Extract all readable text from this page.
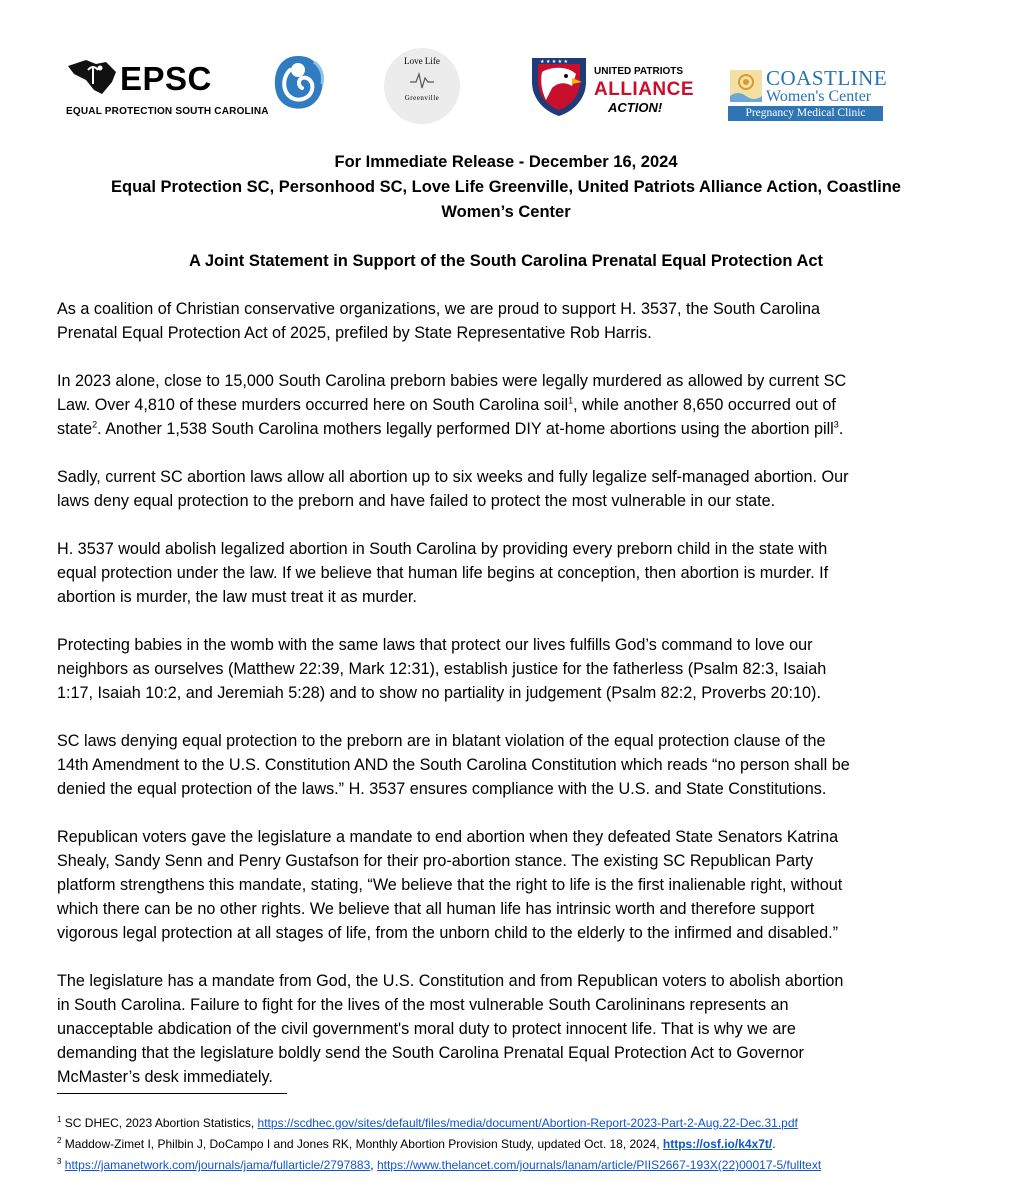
EPSC
EQUAL PROTECTION SOUTH CAROLINA
Love Life
Greenville
★ ★ ★ ★ ★
UNITED PATRIOTS
ALLIANCE
ACTION!
COASTLINE
Women's Center
Pregnancy Medical Clinic
For Immediate Release - December 16, 2024
Equal Protection SC, Personhood SC, Love Life Greenville, United Patriots Alliance Action, Coastline
Women’s Center
A Joint Statement in Support of the South Carolina Prenatal Equal Protection Act

As a coalition of Christian conservative organizations, we are proud to support H. 3537, the South Carolina
Prenatal Equal Protection Act of 2025, prefiled by State Representative Rob Harris.

In 2023 alone, close to 15,000 South Carolina preborn babies were legally murdered as allowed by current SC
Law. Over 4,810 of these murders occurred here on South Carolina soil$^1$, while another 8,650 occurred out of
state$^2$. Another 1,538 South Carolina mothers legally performed DIY at-home abortions using the abortion pill$^3$.

Sadly, current SC abortion laws allow all abortion up to six weeks and fully legalize self-managed abortion. Our
laws deny equal protection to the preborn and have failed to protect the most vulnerable in our state.

H. 3537 would abolish legalized abortion in South Carolina by providing every preborn child in the state with
equal protection under the law. If we believe that human life begins at conception, then abortion is murder. If
abortion is murder, the law must treat it as murder.

Protecting babies in the womb with the same laws that protect our lives fulfills God’s command to love our
neighbors as ourselves (Matthew 22:39, Mark 12:31), establish justice for the fatherless (Psalm 82:3, Isaiah
1:17, Isaiah 10:2, and Jeremiah 5:28) and to show no partiality in judgement (Psalm 82:2, Proverbs 20:10).

SC laws denying equal protection to the preborn are in blatant violation of the equal protection clause of the
14th Amendment to the U.S. Constitution AND the South Carolina Constitution which reads “no person shall be
denied the equal protection of the laws.” H. 3537 ensures compliance with the U.S. and State Constitutions.

Republican voters gave the legislature a mandate to end abortion when they defeated State Senators Katrina
Shealy, Sandy Senn and Penry Gustafson for their pro-abortion stance. The existing SC Republican Party
platform strengthens this mandate, stating, “We believe that the right to life is the first inalienable right, without
which there can be no other rights. We believe that all human life has intrinsic worth and therefore support
vigorous legal protection at all stages of life, from the unborn child to the elderly to the infirmed and disabled.”

The legislature has a mandate from God, the U.S. Constitution and from Republican voters to abolish abortion
in South Carolina. Failure to fight for the lives of the most vulnerable South Carolininans represents an
unacceptable abdication of the civil government's moral duty to protect innocent life. That is why we are
demanding that the legislature boldly send the South Carolina Prenatal Equal Protection Act to Governor
McMaster’s desk immediately.

$^1$ SC DHEC, 2023 Abortion Statistics, https://scdhec.gov/sites/default/files/media/document/Abortion-Report-2023-Part-2-Aug.22-Dec.31.pdf
$^2$ Maddow-Zimet I, Philbin J, DoCampo I and Jones RK, Monthly Abortion Provision Study, updated Oct. 18, 2024, https://osf.io/k4x7t/.
$^3$ https://jamanetwork.com/journals/jama/fullarticle/2797883, https://www.thelancet.com/journals/lanam/article/PIIS2667-193X(22)00017-5/fulltext
